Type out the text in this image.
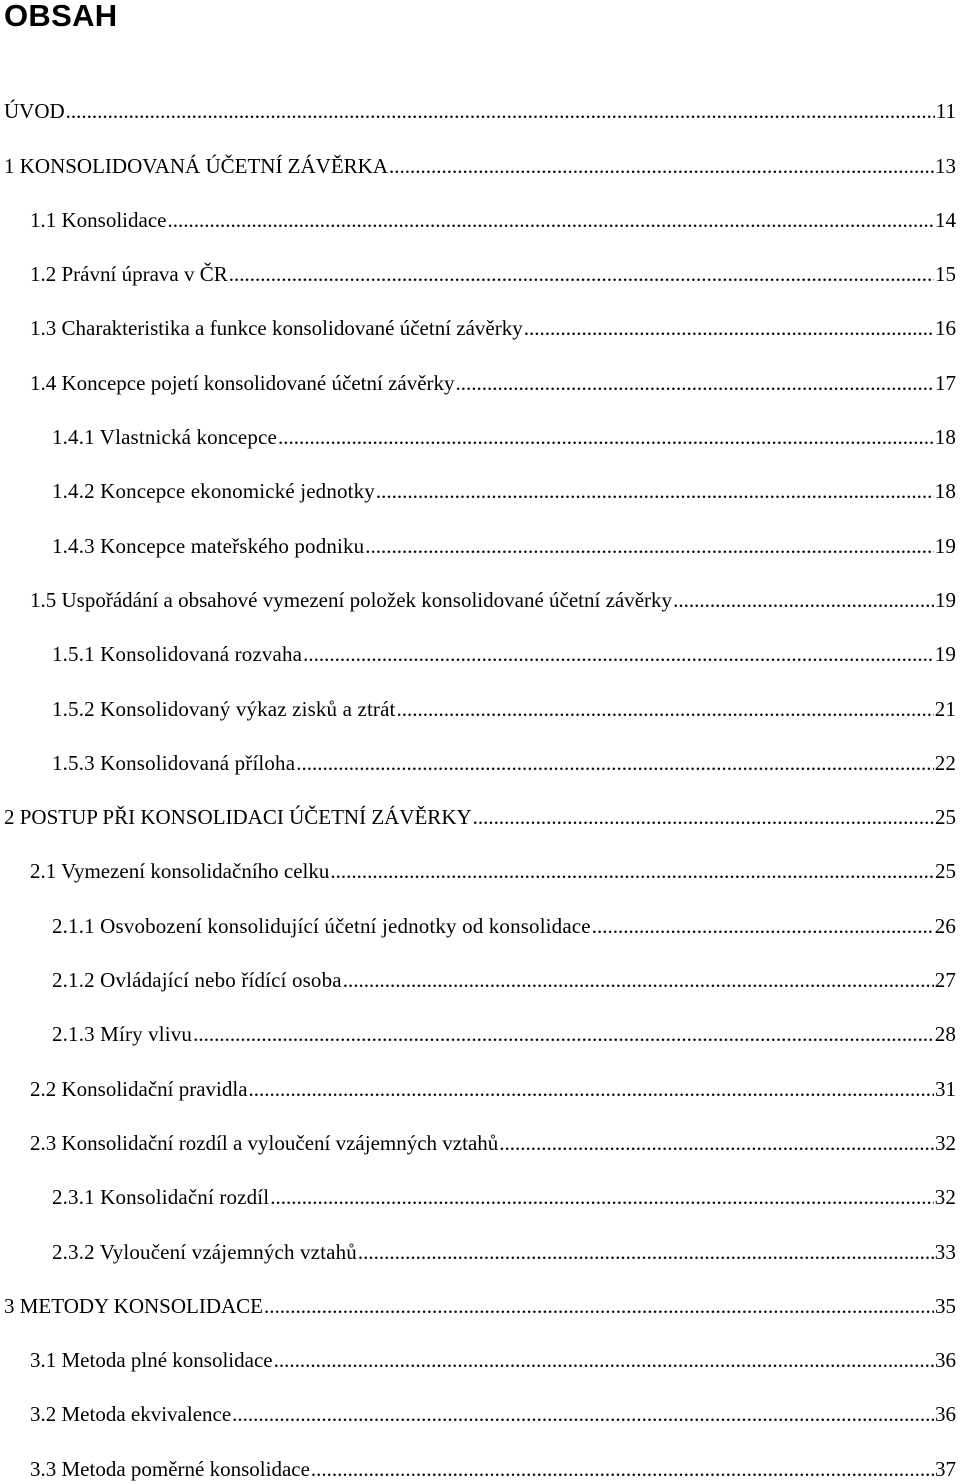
OBSAH
ÚVOD .....	11
1 KONSOLIDOVANÁ ÚČETNÍ ZÁVĚRKA .....	13
1.1 Konsolidace .....	14
1.2 Právní úprava v ČR .....	15
1.3 Charakteristika a funkce konsolidované účetní závěrky .....	16
1.4 Koncepce pojetí konsolidované účetní závěrky .....	17
1.4.1 Vlastnická koncepce .....	18
1.4.2 Koncepce ekonomické jednotky .....	18
1.4.3 Koncepce mateřského podniku .....	19
1.5 Uspořádání a obsahové vymezení položek konsolidované účetní závěrky .....	19
1.5.1 Konsolidovaná rozvaha .....	19
1.5.2 Konsolidovaný výkaz zisků a ztrát .....	21
1.5.3 Konsolidovaná příloha .....	22
2 POSTUP PŘI KONSOLIDACI ÚČETNÍ ZÁVĚRKY .....	25
2.1 Vymezení konsolidačního celku .....	25
2.1.1 Osvobození konsolidující účetní jednotky od konsolidace .....	26
2.1.2 Ovládající nebo řídící osoba .....	27
2.1.3 Míry vlivu .....	28
2.2 Konsolidační pravidla .....	31
2.3 Konsolidační rozdíl a vyloučení vzájemných vztahů .....	32
2.3.1 Konsolidační rozdíl .....	32
2.3.2 Vyloučení vzájemných vztahů .....	33
3 METODY KONSOLIDACE .....	35
3.1 Metoda plné konsolidace .....	36
3.2 Metoda ekvivalence .....	36
3.3 Metoda poměrné konsolidace .....	37
